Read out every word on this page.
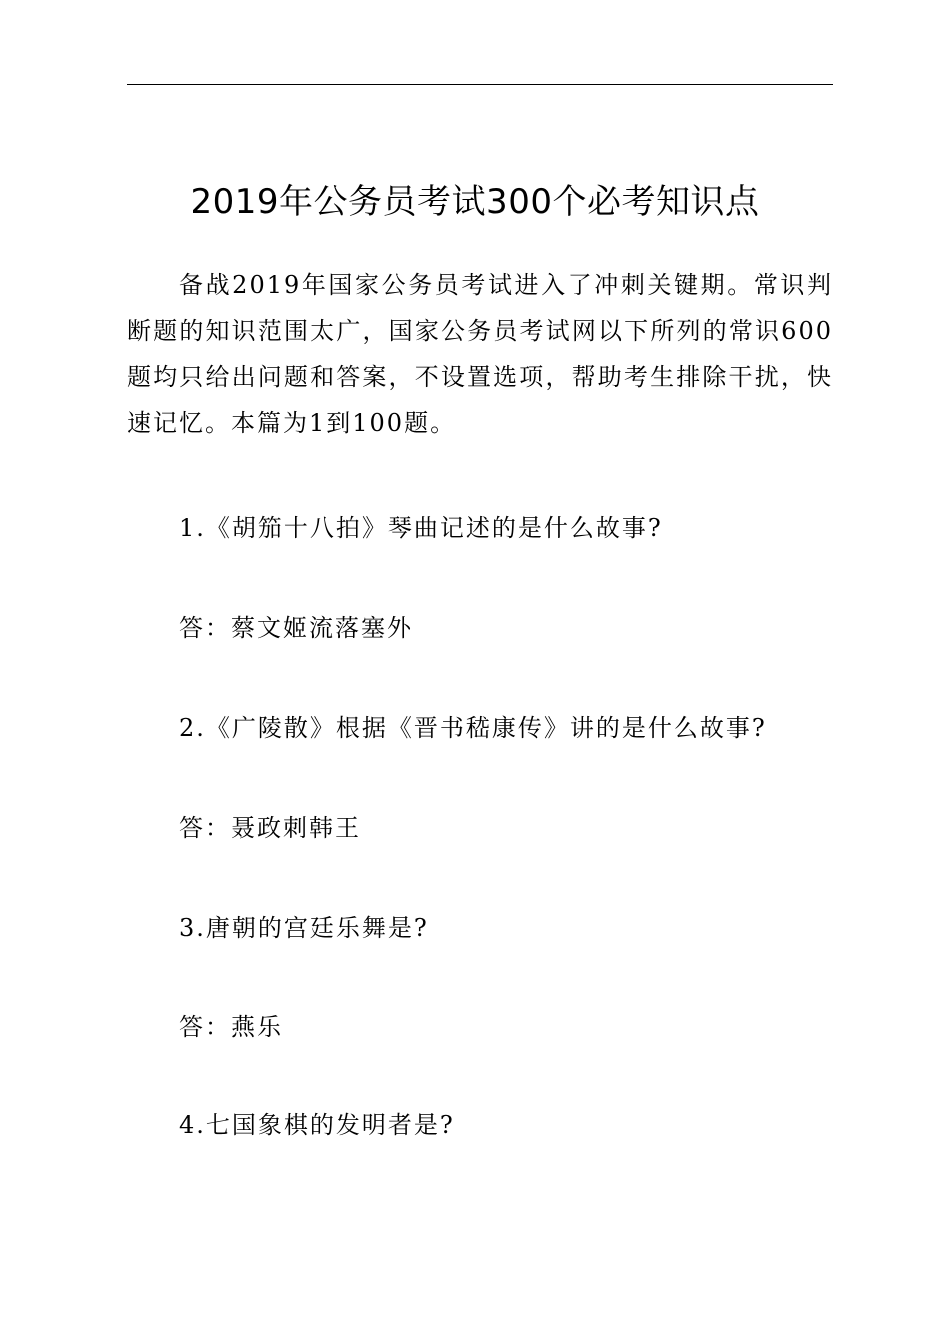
2019年公务员考试300个必考知识点

备战2019年国家公务员考试进入了冲刺关键期。常识判断题的知识范围太广，国家公务员考试网以下所列的常识600题均只给出问题和答案，不设置选项，帮助考生排除干扰，快速记忆。本篇为1到100题。

1.《胡笳十八拍》琴曲记述的是什么故事?

答：蔡文姬流落塞外

2.《广陵散》根据《晋书嵇康传》讲的是什么故事?

答：聂政刺韩王

3.唐朝的宫廷乐舞是?

答：燕乐

4.七国象棋的发明者是?
